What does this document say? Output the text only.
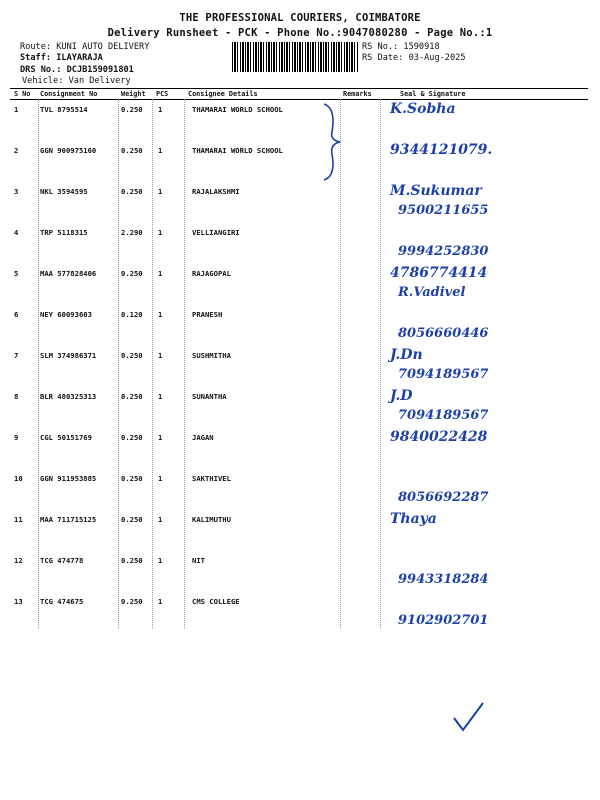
THE PROFESSIONAL COURIERS, COIMBATORE
Delivery Runsheet - PCK - Phone No.:9047080280 - Page No.:1
Route: KUNI AUTO DELIVERY
Staff: ILAYARAJA
DRS No.: DCJB159091801
Vehicle: Van Delivery
RS No.: 1590918
RS Date: 03-Aug-2025
S No Consignment No	Weight PCS	Consignee Details	Remarks	Seal & Signature
1	TVL 8795514	0.250 1	THAMARAI WORLD SCHOOL	K.Sobha
2	GGN 900975160	0.250 1	THAMARAI WORLD SCHOOL	9344121079.
3	NKL 3594595	0.250 1	RAJALAKSHMI	M.Sukumar
9500211655
4	TRP 5118315	2.290 1	VELLIANGIRI
9994252830
5	MAA 577828406	0.250 1	RAJAGOPAL	4786774414
R.Vadivel
6	NEY 60093603	0.120 1	PRANESH
8056660446
7	SLM 374986371	0.250 1	SUSHMITHA	J.Dn
7094189567
8	BLR 480325313	0.250 1	SUNANTHA	J.D
7094189567
9	CGL 50151769	0.250 1	JAGAN	9840022428
10 GGN 911953885	0.250 1	SAKTHIVEL
8056692287
11 MAA 711715125	0.250 1	KALIMUTHU	Thaya
12 TCG 474778	0.250 1	NIT
9943318284
13 TCG 474675	0.250 1	CMS COLLEGE
9102902701
